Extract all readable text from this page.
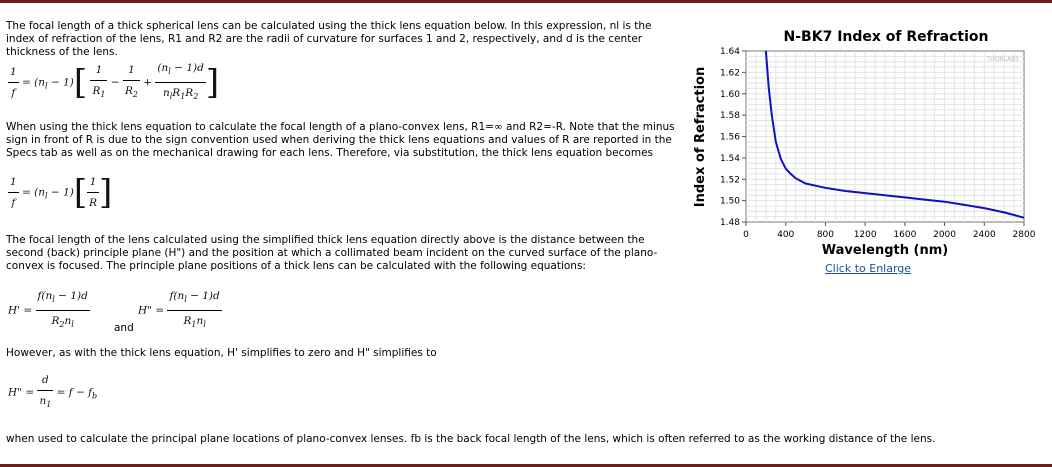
The focal length of a thick spherical lens can be calculated using the thick lens equation below. In this expression, nl is the index of refraction of the lens, R1 and R2 are the radii of curvature for surfaces 1 and 2, respectively, and d is the center thickness of the lens.
$\frac{1}{f} = (n_l - 1)[ \frac{1}{R_1} - \frac{1}{R_2} + \frac{(n_l - 1)d}{n_lR_1R_2}$ ]
When using the thick lens equation to calculate the focal length of a plano-convex lens, R1=∞ and R2=-R. Note that the minus sign in front of R is due to the sign convention used when deriving the thick lens equations and values of R are reported in the Specs tab as well as on the mechanical drawing for each lens. Therefore, via substitution, the thick lens equation becomes
$\frac{1}{f} = (n_l - 1)[ \frac{1}{R}$ ]
The focal length of the lens calculated using the simplified thick lens equation directly above is the distance between the second (back) principle plane (H") and the position at which a collimated beam incident on the curved surface of the plano-convex is focused. The principle plane positions of a thick lens can be calculated with the following equations:
$H' = \frac{f(n_l - 1)d}{R_2n_l}$ and
H" = $\frac{f(n_l - 1)d}{R_1n_l}$
However, as with the thick lens equation, H' simplifies to zero and H" simplifies to
H" = $\frac{d}{n_1} = f - f_b$
when used to calculate the principal plane locations of plano-convex lenses. fb is the back focal length of the lens, which is often referred to as the working distance of the lens.
N-BK7 Index of Refraction
1.48
1.50
1.52
1.54
1.56
1.58
1.60
1.62
1.64
0	400	800 1200 1600 2000 2400 2800
THORLABS
Wavelength (nm)
Index of Refraction
Click to Enlarge
